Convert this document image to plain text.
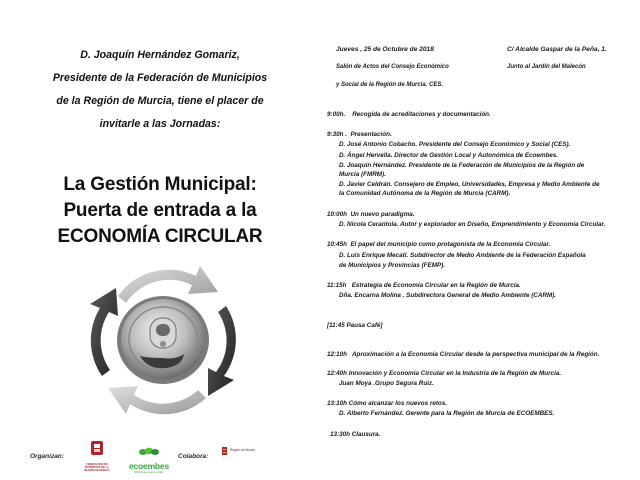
D. Joaquín Hernández Gomariz,
Presidente de la Federación de Municipios
de la Región de Murcia, tiene el placer de
invitarle a las Jornadas:
La Gestión Municipal:
Puerta de entrada a la
ECONOMÍA CIRCULAR
Organizan:
FEDERACIÓN DE MUNICIPIOS DE LA REGIÓN DE MURCIA	ecoembes
El Reciclaje cuenta contigo
Colabora:
Región de Murcia
Jueves , 25 de Octubre de 2018
Salón de Actos del Consejo Económico
y Social de la Región de Murcia. CES.
C/ Alcalde Gaspar de la Peña, 1.
Junto al Jardín del Malecón
9:00h. Recogida de acreditaciones y documentación.
9:30h . Presentación.
D. José Antonio Cobacho. Presidente del Consejo Económico y Social (CES).
D. Ángel Hervella. Director de Gestión Local y Autonómica de Ecoembes.
D. Joaquín Hernández. Presidente de la Federación de Municipios de la Región de
Murcia (FMRM).
D. Javier Celdrán. Consejero de Empleo, Universidades, Empresa y Medio Ambiente de
la Comunidad Autónoma de la Región de Murcia (CARM).
10:00h Un nuevo paradigma.
D. Nicola Cerantola. Autor y explorador en Diseño, Emprendimiento y Economía Circular.
10:45h El papel del municipio como protagonista de la Economía Circular.
D. Luis Enrique Mecati. Subdirector de Medio Ambiente de la Federación Española
de Municipios y Provincias (FEMP).
11:15h Estrategia de Economía Circular en la Región de Murcia.
Dña. Encarna Molina . Subdirectora General de Medio Ambiente (CARM).
[11:45 Pausa Café]
12:10h Aproximación a la Economía Circular desde la perspectiva municipal de la Región.
12:40h Innovación y Economía Circular en la Industria de la Región de Murcia.
Juan Moya .Grupo Segura Ruiz.
13:10h Cómo alcanzar los nuevos retos.
D. Alberto Fernández. Gerente para la Región de Murcia de ECOEMBES.
13:30h Clausura.
